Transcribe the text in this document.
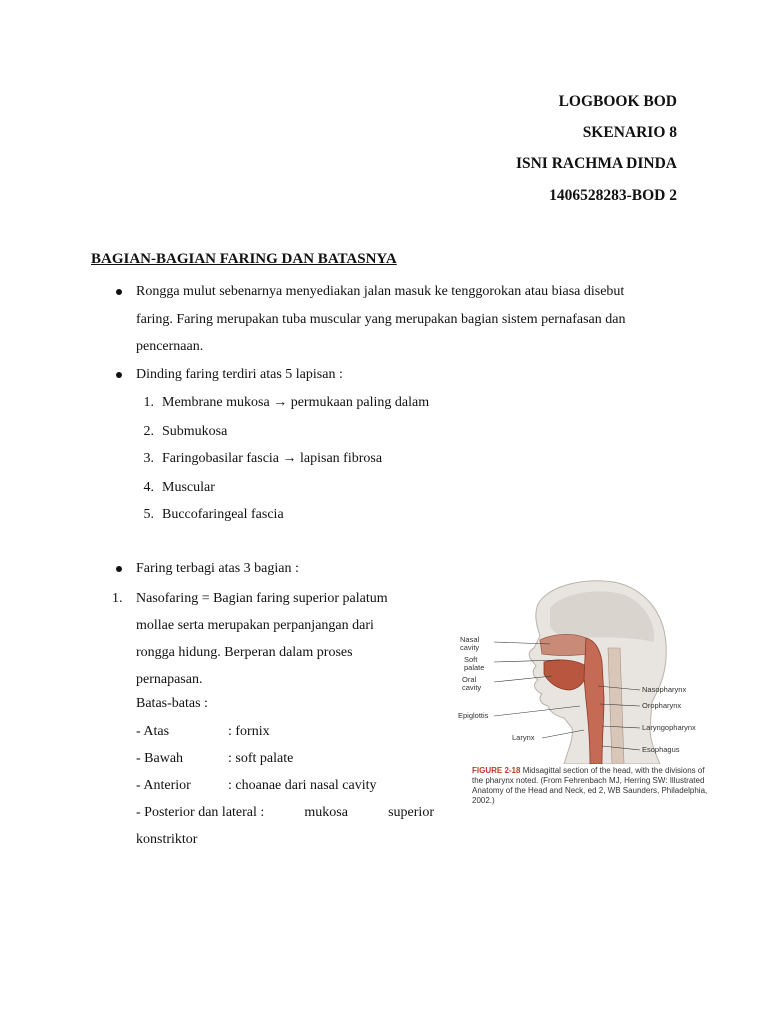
LOGBOOK BOD
SKENARIO 8
ISNI RACHMA DINDA
1406528283-BOD 2
BAGIAN-BAGIAN FARING DAN BATASNYA
Rongga mulut sebenarnya menyediakan jalan masuk ke tenggorokan atau biasa disebut
faring. Faring merupakan tuba muscular yang merupakan bagian sistem pernafasan dan
pencernaan.
Dinding faring terdiri atas 5 lapisan :
1. Membrane mukosa → permukaan paling dalam
2. Submukosa
3. Faringobasilar fascia → lapisan fibrosa
4. Muscular
5. Buccofaringeal fascia
Faring terbagi atas 3 bagian :
1. Nasofaring = Bagian faring superior palatum
mollae serta merupakan perpanjangan dari
rongga hidung. Berperan dalam proses
pernapasan.
Batas-batas :
- Atas	: fornix
- Bawah	: soft palate
- Anterior	: choanae dari nasal cavity
- Posterior dan lateral :	mukosa	superior
konstriktor
Nasal
cavity
Soft
palate
Oral
cavity
Epiglottis
Larynx
Nasopharynx
Oropharynx
Laryngopharynx
Esophagus
FIGURE 2-18 Midsagittal section of the head, with the divisions of the pharynx noted. (From Fehrenbach MJ, Herring SW: Illustrated Anatomy of the Head and Neck, ed 2, WB Saunders, Philadelphia, 2002.)
